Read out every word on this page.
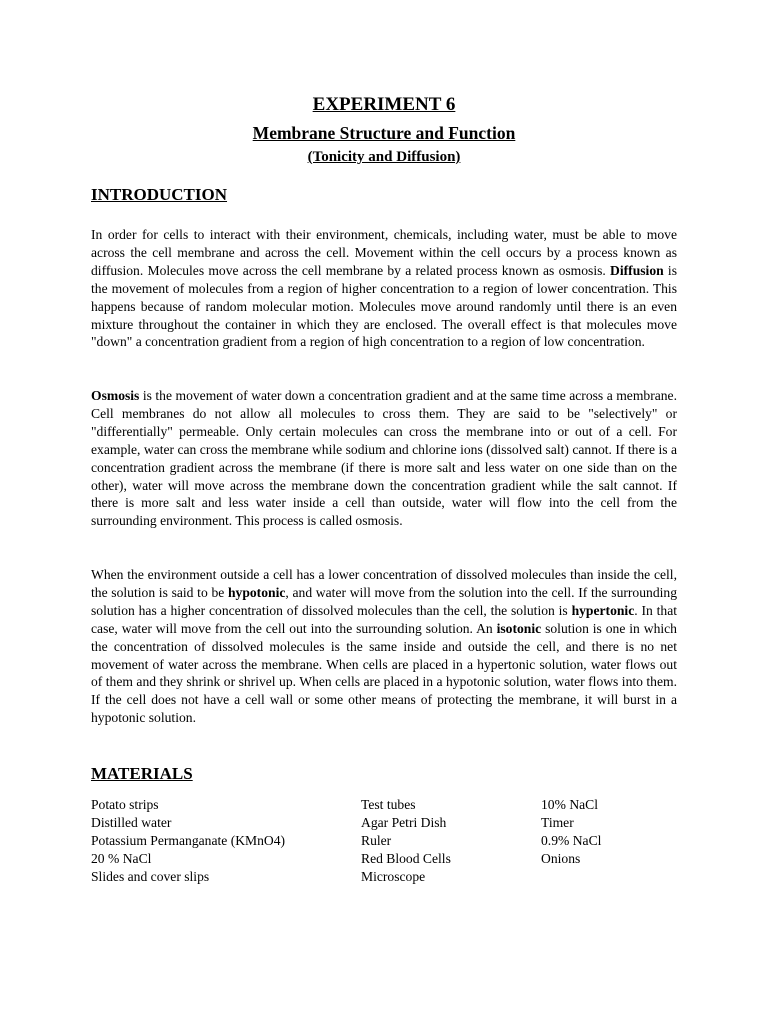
EXPERIMENT 6
Membrane Structure and Function
(Tonicity and Diffusion)
INTRODUCTION

In order for cells to interact with their environment, chemicals, including water, must be able to move across the cell membrane and across the cell. Movement within the cell occurs by a process known as diffusion. Molecules move across the cell membrane by a related process known as osmosis. Diffusion is the movement of molecules from a region of higher concentration to a region of lower concentration. This happens because of random molecular motion. Molecules move around randomly until there is an even mixture throughout the container in which they are enclosed. The overall effect is that molecules move "down" a concentration gradient from a region of high concentration to a region of low concentration.

Osmosis is the movement of water down a concentration gradient and at the same time across a membrane. Cell membranes do not allow all molecules to cross them. They are said to be "selectively" or "differentially" permeable. Only certain molecules can cross the membrane into or out of a cell. For example, water can cross the membrane while sodium and chlorine ions (dissolved salt) cannot. If there is a concentration gradient across the membrane (if there is more salt and less water on one side than on the other), water will move across the membrane down the concentration gradient while the salt cannot. If there is more salt and less water inside a cell than outside, water will flow into the cell from the surrounding environment. This process is called osmosis.

When the environment outside a cell has a lower concentration of dissolved molecules than inside the cell, the solution is said to be hypotonic, and water will move from the solution into the cell. If the surrounding solution has a higher concentration of dissolved molecules than the cell, the solution is hypertonic. In that case, water will move from the cell out into the surrounding solution. An isotonic solution is one in which the concentration of dissolved molecules is the same inside and outside the cell, and there is no net movement of water across the membrane. When cells are placed in a hypertonic solution, water flows out of them and they shrink or shrivel up. When cells are placed in a hypotonic solution, water flows into them. If the cell does not have a cell wall or some other means of protecting the membrane, it will burst in a hypotonic solution.

MATERIALS
Potato strips
Distilled water
Potassium Permanganate (KMnO4)
20 % NaCl
Slides and cover slips
Test tubes
Agar Petri Dish
Ruler
Red Blood Cells
Microscope
10% NaCl
Timer
0.9% NaCl
Onions
